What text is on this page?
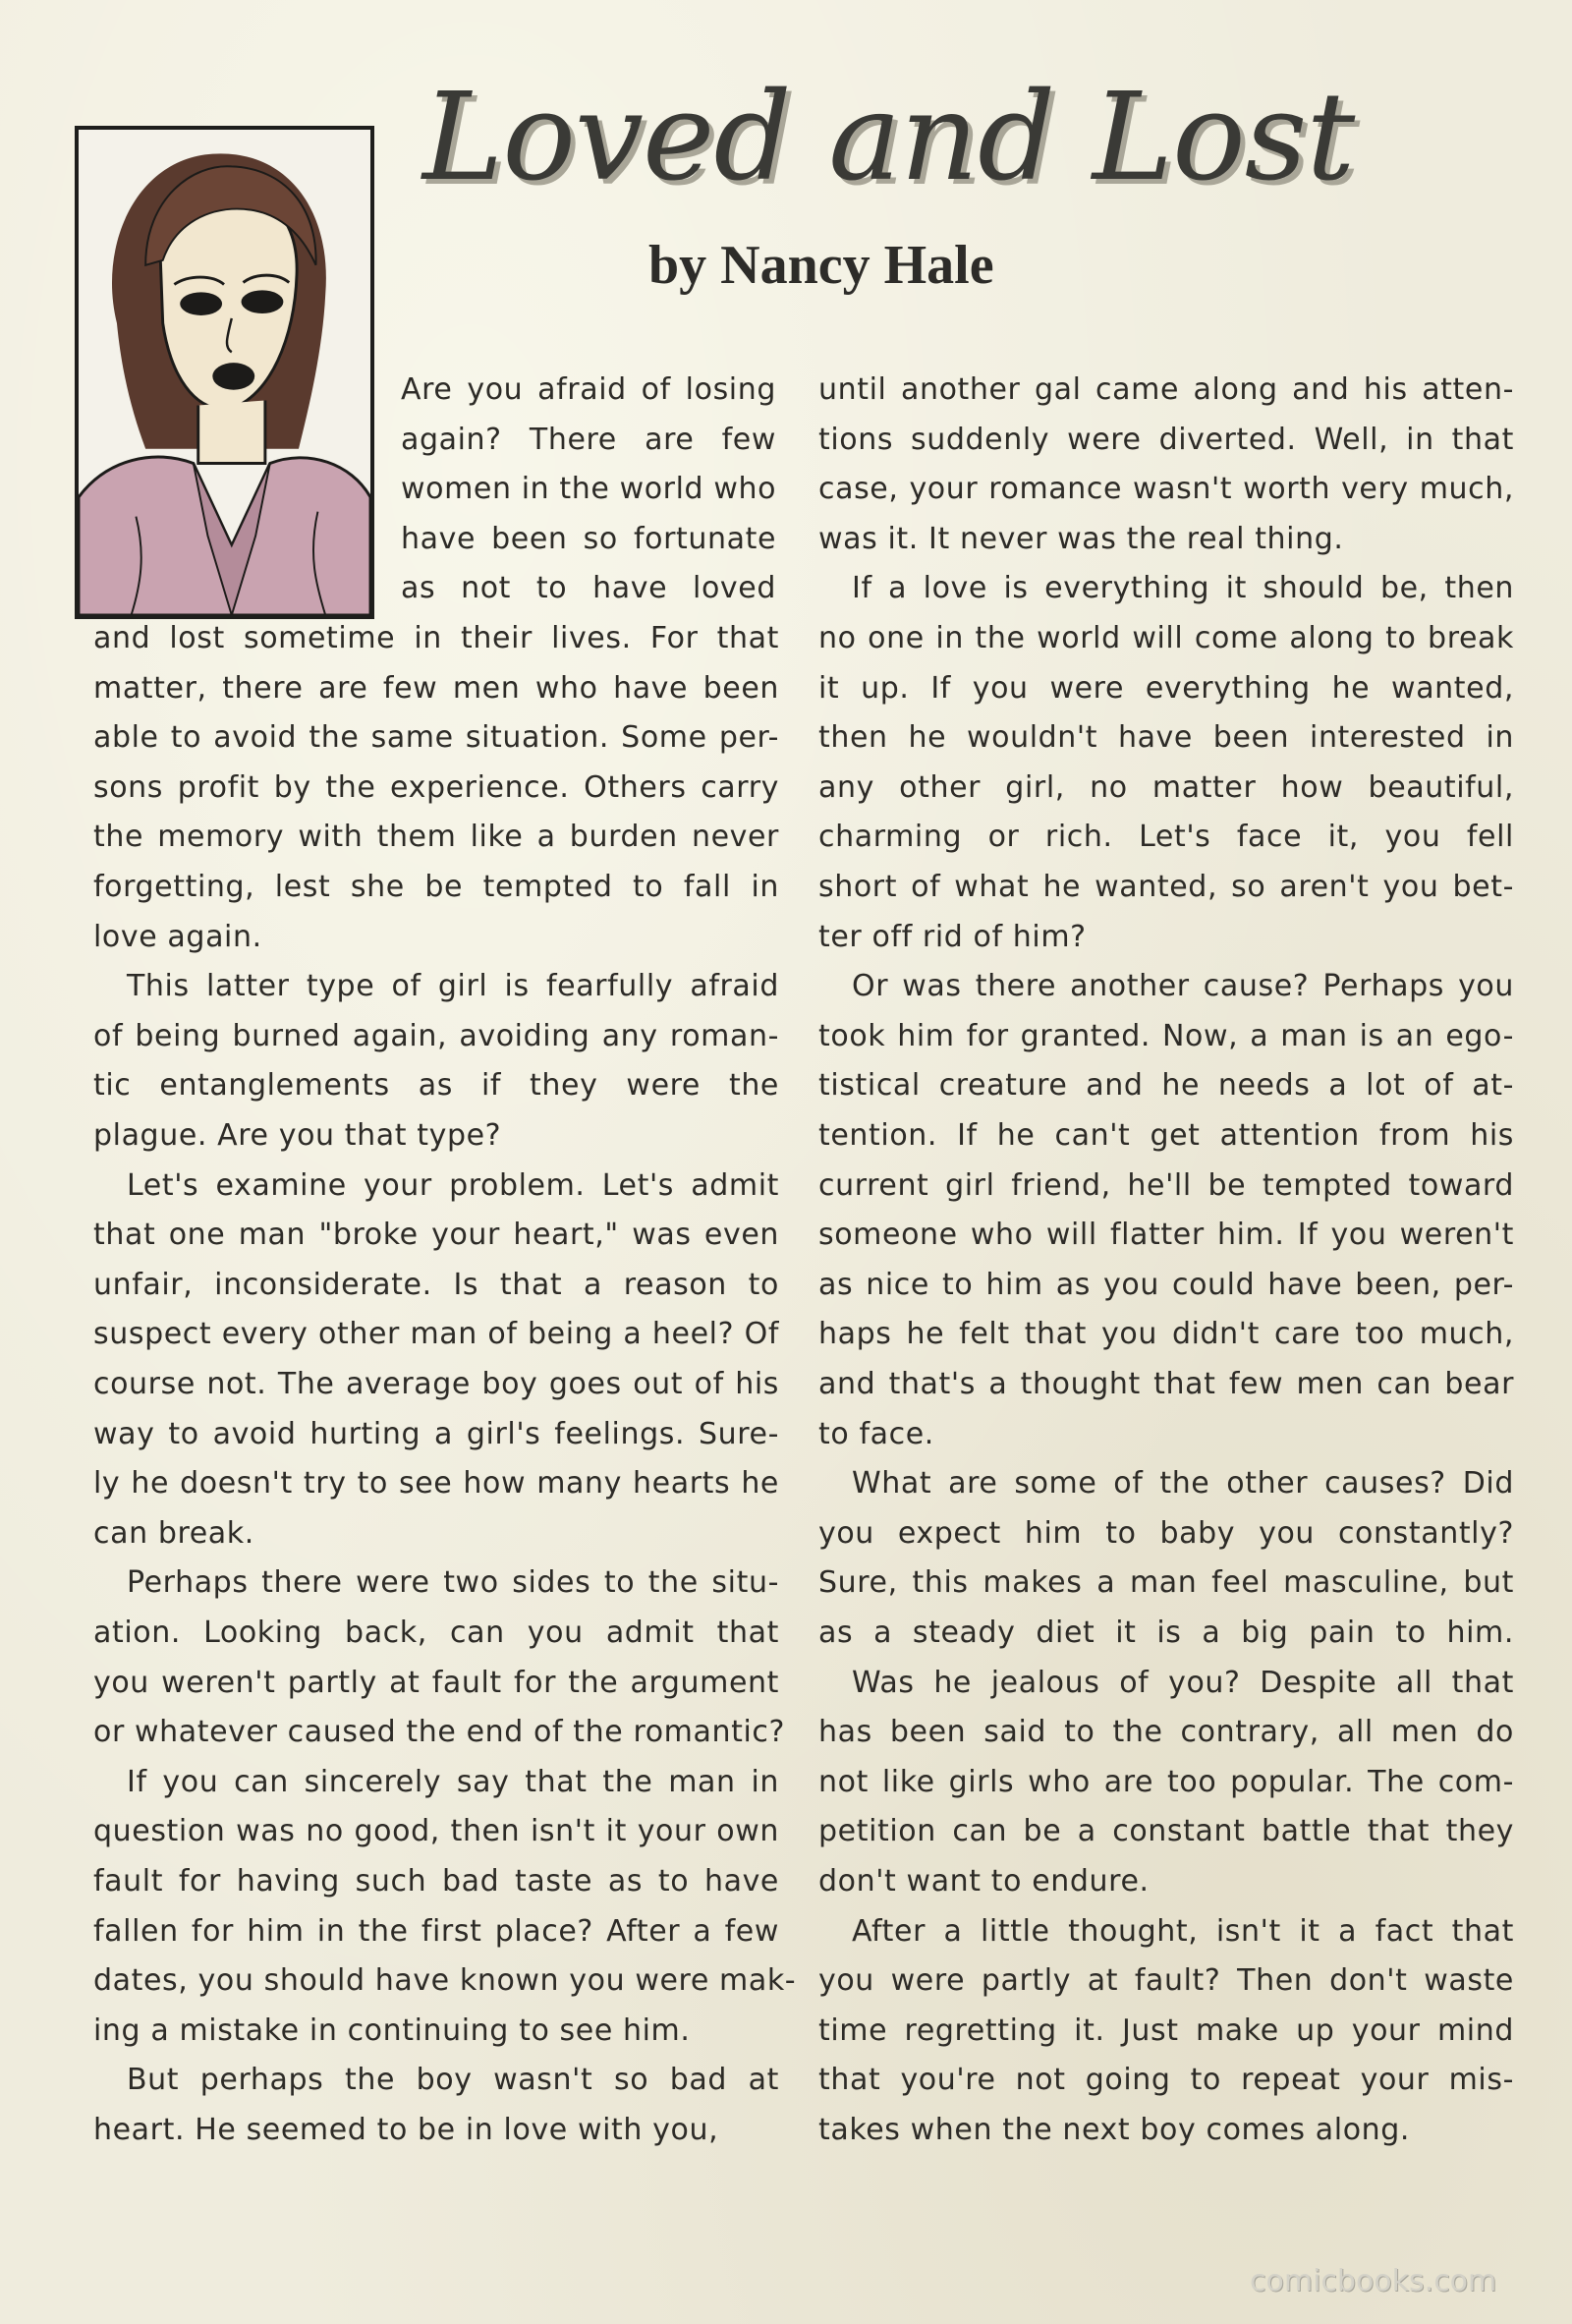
Loved and Lost
by Nancy Hale
Are you afraid of losing
again? There are few
women in the world who
have been so fortunate
as not to have loved
and lost sometime in their lives. For that
matter, there are few men who have been
able to avoid the same situation. Some per-
sons profit by the experience. Others carry
the memory with them like a burden never
forgetting, lest she be tempted to fall in
love again.
This latter type of girl is fearfully afraid
of being burned again, avoiding any roman-
tic entanglements as if they were the
plague. Are you that type?
Let's examine your problem. Let's admit
that one man "broke your heart," was even
unfair, inconsiderate. Is that a reason to
suspect every other man of being a heel? Of
course not. The average boy goes out of his
way to avoid hurting a girl's feelings. Sure-
ly he doesn't try to see how many hearts he
can break.
Perhaps there were two sides to the situ-
ation. Looking back, can you admit that
you weren't partly at fault for the argument
or whatever caused the end of the romantic?
If you can sincerely say that the man in
question was no good, then isn't it your own
fault for having such bad taste as to have
fallen for him in the first place? After a few
dates, you should have known you were mak-
ing a mistake in continuing to see him.
But perhaps the boy wasn't so bad at
heart. He seemed to be in love with you,
until another gal came along and his atten-
tions suddenly were diverted. Well, in that
case, your romance wasn't worth very much,
was it. It never was the real thing.
If a love is everything it should be, then
no one in the world will come along to break
it up. If you were everything he wanted,
then he wouldn't have been interested in
any other girl, no matter how beautiful,
charming or rich. Let's face it, you fell
short of what he wanted, so aren't you bet-
ter off rid of him?
Or was there another cause? Perhaps you
took him for granted. Now, a man is an ego-
tistical creature and he needs a lot of at-
tention. If he can't get attention from his
current girl friend, he'll be tempted toward
someone who will flatter him. If you weren't
as nice to him as you could have been, per-
haps he felt that you didn't care too much,
and that's a thought that few men can bear
to face.
What are some of the other causes? Did
you expect him to baby you constantly?
Sure, this makes a man feel masculine, but
as a steady diet it is a big pain to him.
Was he jealous of you? Despite all that
has been said to the contrary, all men do
not like girls who are too popular. The com-
petition can be a constant battle that they
don't want to endure.
After a little thought, isn't it a fact that
you were partly at fault? Then don't waste
time regretting it. Just make up your mind
that you're not going to repeat your mis-
takes when the next boy comes along.
comicbooks.com
